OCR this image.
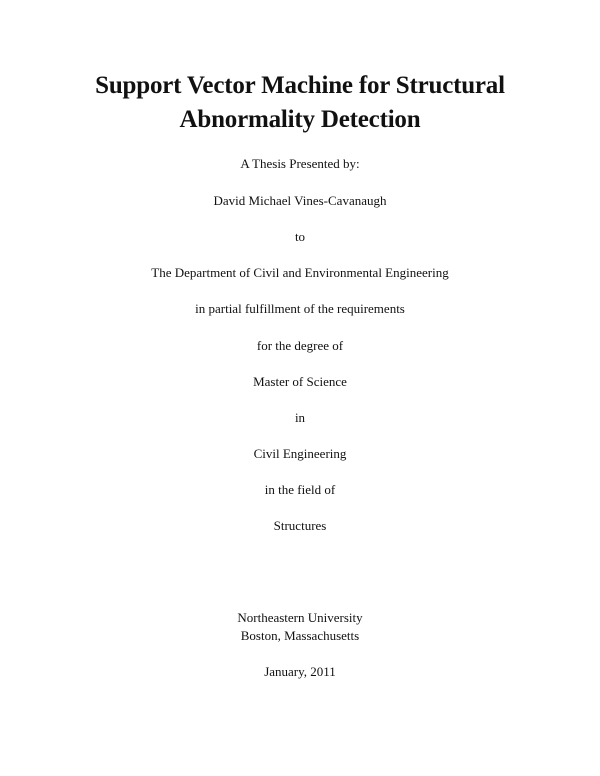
Support Vector Machine for Structural
Abnormality Detection

A Thesis Presented by:

David Michael Vines-Cavanaugh

to

The Department of Civil and Environmental Engineering

in partial fulfillment of the requirements

for the degree of

Master of Science

in

Civil Engineering

in the field of

Structures

Northeastern University

Boston, Massachusetts

January, 2011
